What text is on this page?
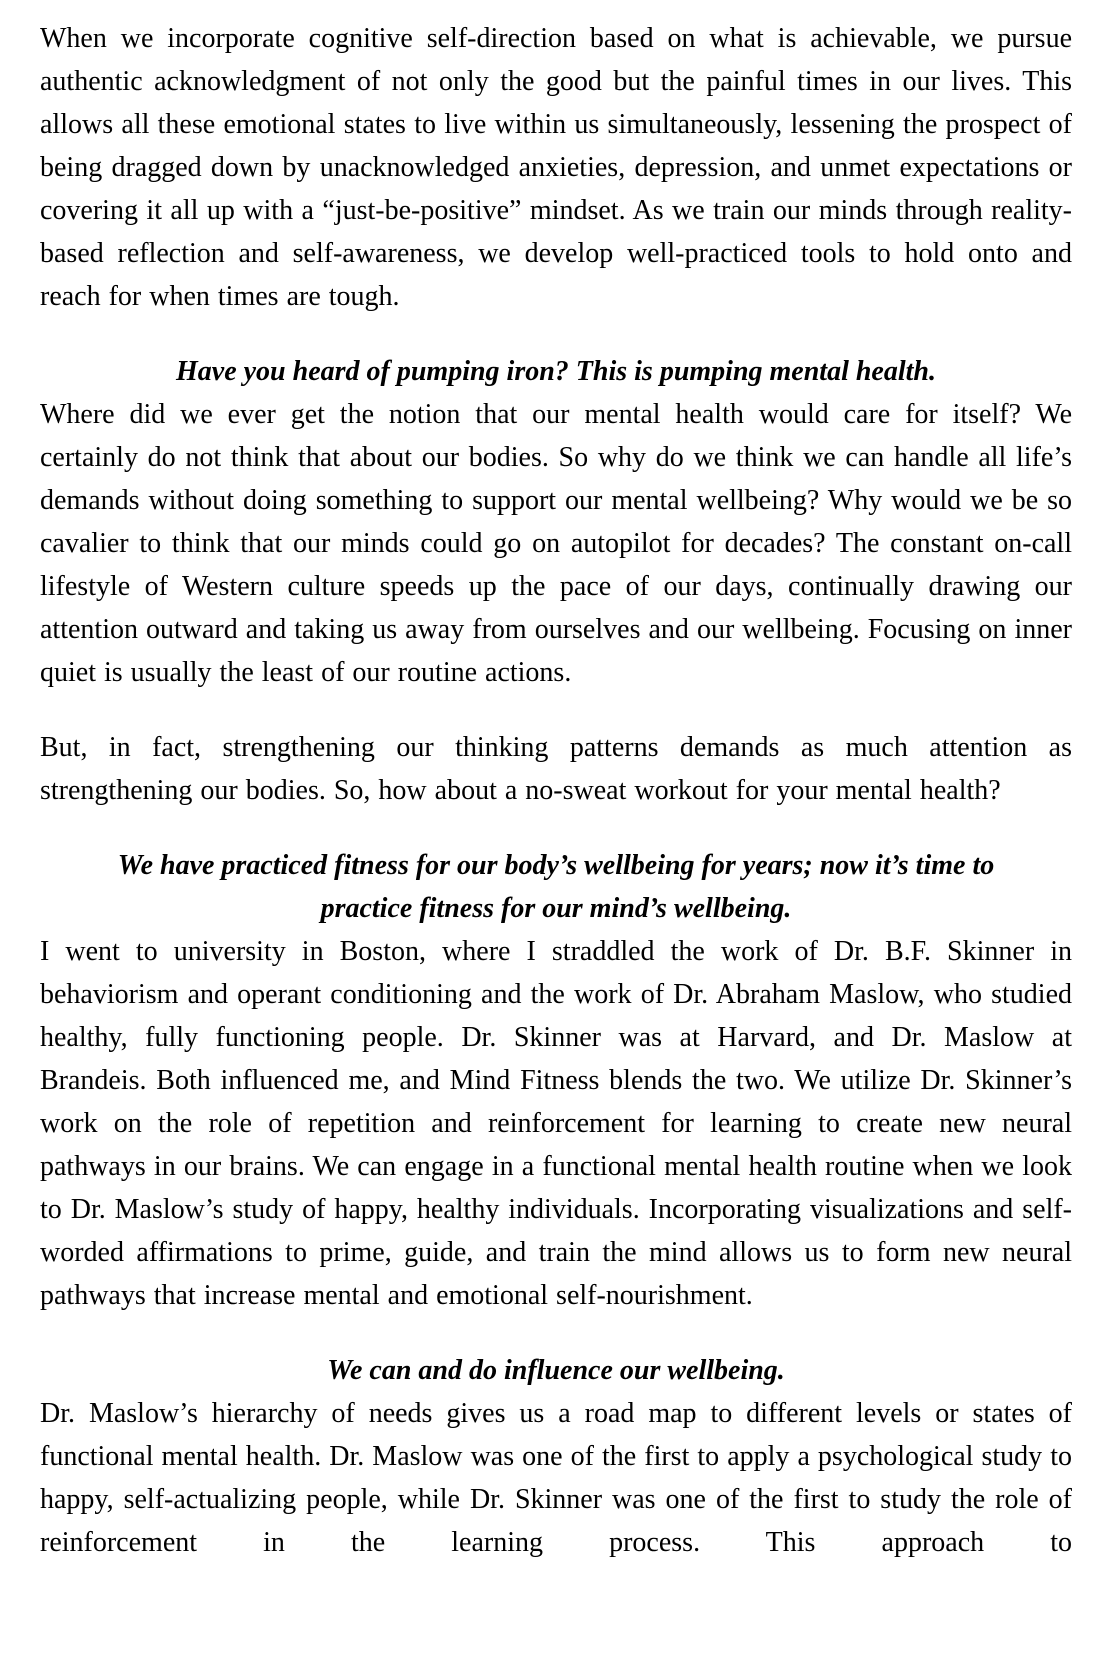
When we incorporate cognitive self-direction based on what is achievable, we pursue authentic acknowledgment of not only the good but the painful times in our lives. This allows all these emotional states to live within us simultaneously, lessening the prospect of being dragged down by unacknowledged anxieties, depression, and unmet expectations or covering it all up with a “just-be-positive” mindset. As we train our minds through reality-based reflection and self-awareness, we develop well-practiced tools to hold onto and reach for when times are tough.

Have you heard of pumping iron? This is pumping mental health.

Where did we ever get the notion that our mental health would care for itself? We certainly do not think that about our bodies. So why do we think we can handle all life’s demands without doing something to support our mental wellbeing? Why would we be so cavalier to think that our minds could go on autopilot for decades? The constant on-call lifestyle of Western culture speeds up the pace of our days, continually drawing our attention outward and taking us away from ourselves and our wellbeing. Focusing on inner quiet is usually the least of our routine actions.

But, in fact, strengthening our thinking patterns demands as much attention as strengthening our bodies. So, how about a no-sweat workout for your mental health?

We have practiced fitness for our body’s wellbeing for years; now it’s time to practice fitness for our mind’s wellbeing.

I went to university in Boston, where I straddled the work of Dr. B.F. Skinner in behaviorism and operant conditioning and the work of Dr. Abraham Maslow, who studied healthy, fully functioning people. Dr. Skinner was at Harvard, and Dr. Maslow at Brandeis. Both influenced me, and Mind Fitness blends the two. We utilize Dr. Skinner’s work on the role of repetition and reinforcement for learning to create new neural pathways in our brains. We can engage in a functional mental health routine when we look to Dr. Maslow’s study of happy, healthy individuals. Incorporating visualizations and self-worded affirmations to prime, guide, and train the mind allows us to form new neural pathways that increase mental and emotional self-nourishment.

We can and do influence our wellbeing.

Dr. Maslow’s hierarchy of needs gives us a road map to different levels or states of functional mental health. Dr. Maslow was one of the first to apply a psychological study to happy, self-actualizing people, while Dr. Skinner was one of the first to study the role of reinforcement in the learning process. This approach to
